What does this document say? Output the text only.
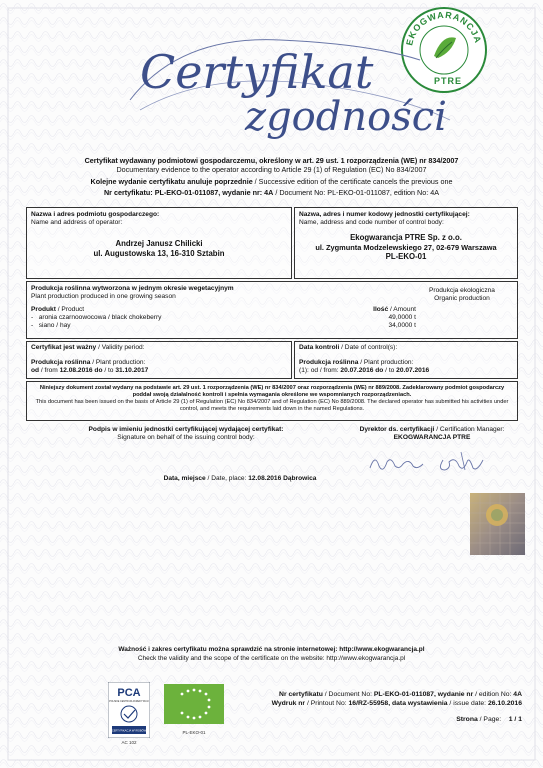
EKOGWARANCJA
PTRE
Certyfikat
zgodności
Certyfikat wydawany podmiotowi gospodarczemu, określony w art. 29 ust. 1 rozporządzenia (WE) nr 834/2007
Documentary evidence to the operator according to Article 29 (1) of Regulation (EC) No 834/2007
Kolejne wydanie certyfikatu anuluje poprzednie / Successive edition of the certificate cancels the previous one
Nr certyfikatu: PL-EKO-01-011087, wydanie nr: 4A / Document No: PL-EKO-01-011087, edition No: 4A
Nazwa i adres podmiotu gospodarczego:
Name and address of operator:
Andrzej Janusz Chilicki
ul. Augustowska 13, 16-310 Sztabin
Nazwa, adres i numer kodowy jednostki certyfikującej:
Name, address and code number of control body:
Ekogwarancja PTRE Sp. z o.o.
ul. Zygmunta Modzelewskiego 27, 02-679 Warszawa
PL-EKO-01
Produkcja roślinna wytworzona w jednym okresie wegetacyjnym
Plant production produced in one growing season
Produkcja ekologiczna
Organic production
Produkt / Product	Ilość / Amount
- aronia czarnoowocowa / black chokeberry	49,0000 t
- siano / hay	34,0000 t
Certyfikat jest ważny / Validity period:
Produkcja roślinna / Plant production:
od / from 12.08.2016 do / to 31.10.2017
Data kontroli / Date of control(s):
Produkcja roślinna / Plant production:
(1): od / from: 20.07.2016 do / to 20.07.2016
Niniejszy dokument został wydany na podstawie art. 29 ust. 1 rozporządzenia (WE) nr 834/2007 oraz rozporządzenia (WE) nr 889/2008. Zadeklarowany podmiot gospodarczy poddał swoją działalność kontroli i spełnia wymagania określone we wspomnianych rozporządzeniach.
This document has been issued on the basis of Article 29 (1) of Regulation (EC) No 834/2007 and of Regulation (EC) No 889/2008. The declared operator has submitted his activities under control, and meets the requirements laid down in the named Regulations.
Podpis w imieniu jednostki certyfikującej wydającej certyfikat:
Signature on behalf of the issuing control body:
Dyrektor ds. certyfikacji / Certification Manager:
EKOGWARANCJA PTRE
Data, miejsce / Date, place: 12.08.2016 Dąbrowica
Ważność i zakres certyfikatu można sprawdzić na stronie internetowej: http://www.ekogwarancja.pl
Check the validity and the scope of the certificate on the website: http://www.ekogwarancja.pl
PCA
POLSKIE CENTRUM AKREDYTACJI
CERTYFIKACJA WYROBÓW
AC 102
PL-EKO-01
Nr certyfikatu / Document No: PL-EKO-01-011087, wydanie nr / edition No: 4A
Wydruk nr / Printout No: 16/RZ-55958, data wystawienia / issue date: 26.10.2016
Strona / Page: 1 / 1
